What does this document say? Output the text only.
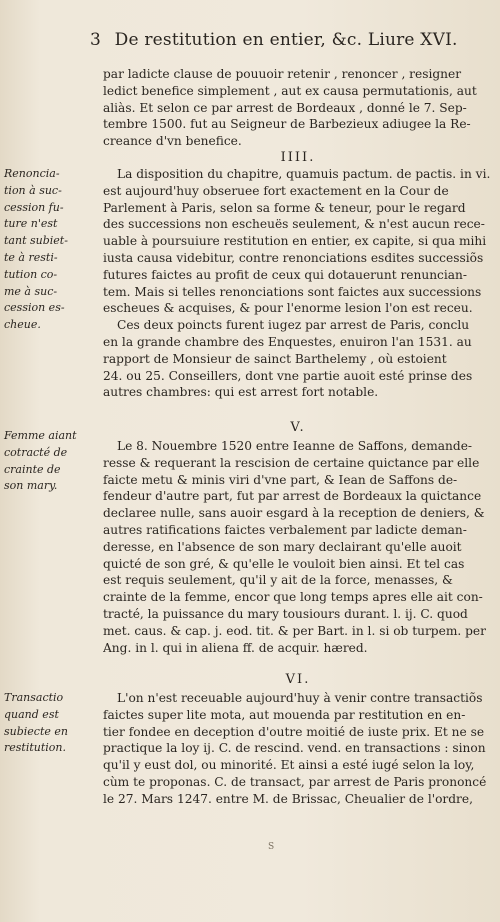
3 De restitution en entier, &c. Liure XVI.
par ladicte clause de pouuoir retenir , renoncer , resigner
ledict benefice simplement , aut ex causa permutationis, aut
aliàs. Et selon ce par arrest de Bordeaux , donné le 7. Sep-
tembre 1500. fut au Seigneur de Barbezieux adiugee la Re-
creance d'vn benefice.
IIII.
La disposition du chapitre, quamuis pactum. de pactis. in vi.
est aujourd'huy obseruee fort exactement en la Cour de
Parlement à Paris, selon sa forme & teneur, pour le regard
des successions non escheuës seulement, & n'est aucun rece-
uable à poursuiure restitution en entier, ex capite, si qua mihi
iusta causa videbitur, contre renonciations esdites successiõs
futures faictes au profit de ceux qui dotauerunt renuncian-
tem. Mais si telles renonciations sont faictes aux successions
escheues & acquises, & pour l'enorme lesion l'on est receu.
Ces deux poincts furent iugez par arrest de Paris, conclu
en la grande chambre des Enquestes, enuiron l'an 1531. au
rapport de Monsieur de sainct Barthelemy , où estoient
24. ou 25. Conseillers, dont vne partie auoit esté prinse des
autres chambres: qui est arrest fort notable.
Renoncia-
tion à suc-
cession fu-
ture n'est
tant subiet-
te à resti-
tution co-
me à suc-
cession es-
cheue.
V.
Le 8. Nouembre 1520 entre Ieanne de Saffons, demande-
resse & requerant la rescision de certaine quictance par elle
faicte metu & minis viri d'vne part, & Iean de Saffons de-
fendeur d'autre part, fut par arrest de Bordeaux la quictance
declaree nulle, sans auoir esgard à la reception de deniers, &
autres ratifications faictes verbalement par ladicte deman-
deresse, en l'absence de son mary declairant qu'elle auoit
quicté de son gré, & qu'elle le vouloit bien ainsi. Et tel cas
est requis seulement, qu'il y ait de la force, menasses, &
crainte de la femme, encor que long temps apres elle ait con-
tracté, la puissance du mary tousiours durant. l. ij. C. quod
met. caus. & cap. j. eod. tit. & per Bart. in l. si ob turpem. per
Ang. in l. qui in aliena ff. de acquir. hæred.
Femme aiant
cotracté de
crainte de
son mary.
VI.
L'on n'est receuable aujourd'huy à venir contre transactiõs
faictes super lite mota, aut mouenda par restitution en en-
tier fondee en deception d'outre moitié de iuste prix. Et ne se
practique la loy ij. C. de rescind. vend. en transactions : sinon
qu'il y eust dol, ou minorité. Et ainsi a esté iugé selon la loy,
cùm te proponas. C. de transact, par arrest de Paris prononcé
le 27. Mars 1247. entre M. de Brissac, Cheualier de l'ordre,
Transactio
quand est
subiecte en
restitution.
S
